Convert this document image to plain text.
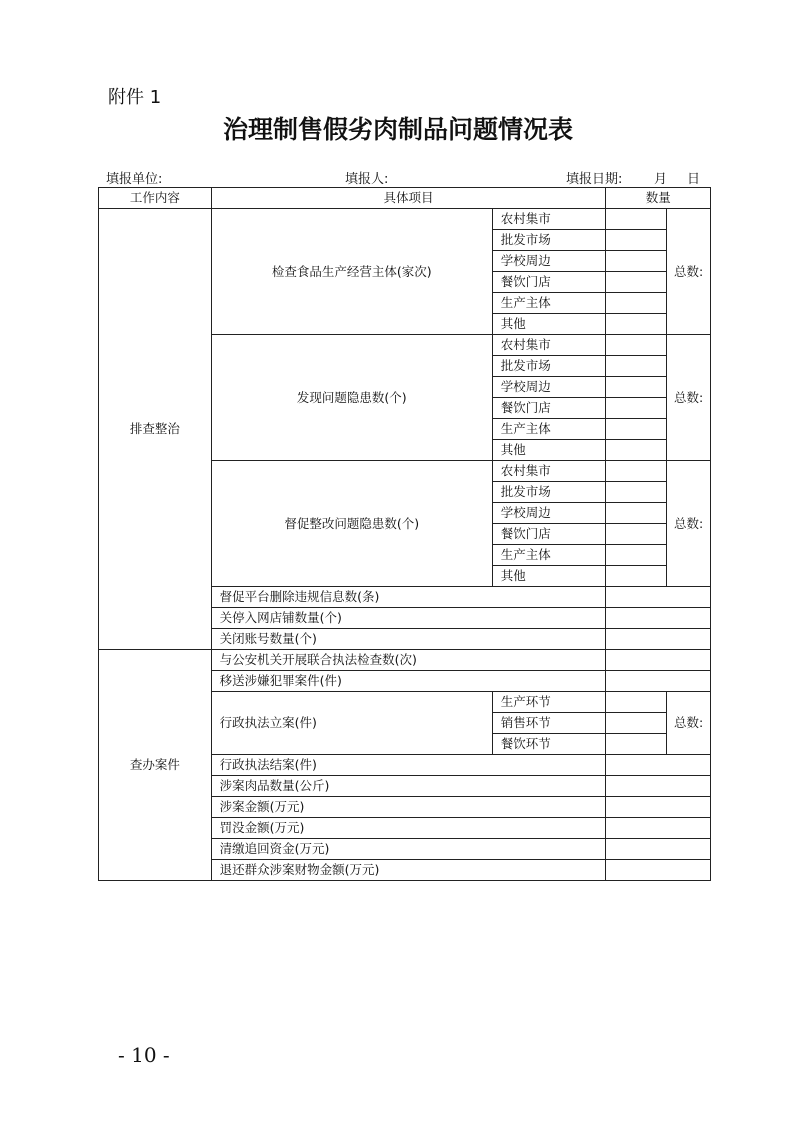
附件 1
治理制售假劣肉制品问题情况表
填报单位:	填报人:	填报日期: 月 日
工作内容	具体项目		数量	
排查整治	检查食品生产经营主体(家次)	农村集市		总数:
		批发市场		
		学校周边		
		餐饮门店		
		生产主体		
		其他		
	发现问题隐患数(个)	农村集市		总数:
		批发市场		
		学校周边		
		餐饮门店		
		生产主体		
		其他		
	督促整改问题隐患数(个)	农村集市		总数:
		批发市场		
		学校周边		
		餐饮门店		
		生产主体		
		其他		
	督促平台删除违规信息数(条)			
	关停入网店铺数量(个)			
	关闭账号数量(个)			
查办案件	与公安机关开展联合执法检查数(次)			
	移送涉嫌犯罪案件(件)			
	行政执法立案(件)	生产环节		总数:
		销售环节		
		餐饮环节		
	行政执法结案(件)			
	涉案肉品数量(公斤)			
	涉案金额(万元)			
	罚没金额(万元)			
	清缴追回资金(万元)			
	退还群众涉案财物金额(万元)			
- 10 -
